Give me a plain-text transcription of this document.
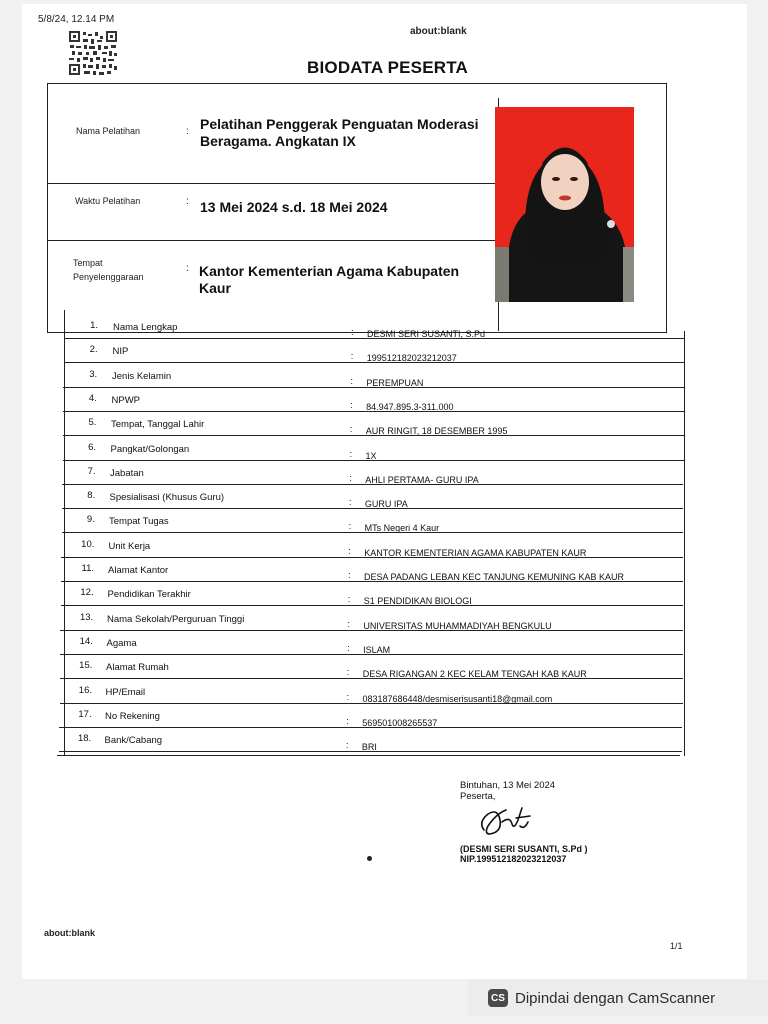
5/8/24, 12.14 PM
about:blank
BIODATA PESERTA
Nama Pelatihan	: Pelatihan Penggerak Penguatan Moderasi Beragama. Angkatan IX
Waktu Pelatihan	: 13 Mei 2024 s.d. 18 Mei 2024
Tempat Penyelenggaraan
: Kantor Kementerian Agama Kabupaten Kaur
1. Nama Lengkap	: DESMI SERI SUSANTI, S.Pd
2. NIP	: 199512182023212037
3. Jenis Kelamin	: PEREMPUAN
4. NPWP	: 84.947.895.3-311.000
5. Tempat, Tanggal Lahir	: AUR RINGIT, 18 DESEMBER 1995
6. Pangkat/Golongan	: 1X
7. Jabatan	: AHLI PERTAMA- GURU IPA
8. Spesialisasi (Khusus Guru)	: GURU IPA
9. Tempat Tugas	: MTs Negeri 4 Kaur
10. Unit Kerja	: KANTOR KEMENTERIAN AGAMA KABUPATEN KAUR
11. Alamat Kantor	: DESA PADANG LEBAN KEC TANJUNG KEMUNING KAB KAUR
12. Pendidikan Terakhir	: S1 PENDIDIKAN BIOLOGI
13. Nama Sekolah/Perguruan Tinggi	: UNIVERSITAS MUHAMMADIYAH BENGKULU
14. Agama	: ISLAM
15. Alamat Rumah	: DESA RIGANGAN 2 KEC KELAM TENGAH KAB KAUR
16. HP/Email	: 083187686448/desmiserisusanti18@gmail.com
17. No Rekening	: 569501008265537
18. Bank/Cabang	: BRI
Bintuhan, 13 Mei 2024
Peserta,
(DESMI SERI SUSANTI, S.Pd )
NIP.199512182023212037
about:blank
1/1
CS Dipindai dengan CamScanner
